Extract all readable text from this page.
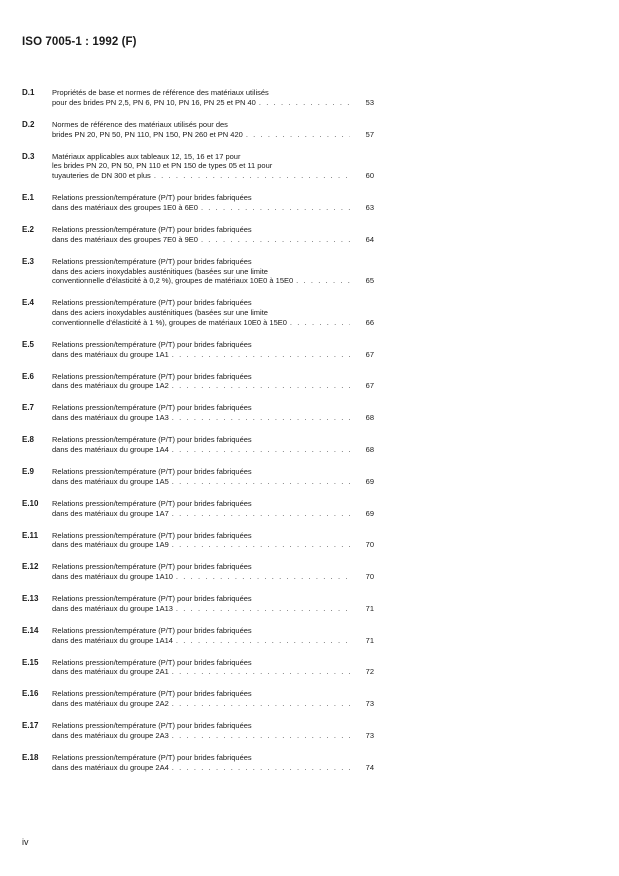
ISO 7005-1 : 1992 (F)
D.1 Propriétés de base et normes de référence des matériaux utilisés
pour des brides PN 2,5, PN 6, PN 10, PN 16, PN 25 et PN 40 . . .	53
D.2 Normes de référence des matériaux utilisés pour des
brides PN 20, PN 50, PN 110, PN 150, PN 260 et PN 420 . . .	57
D.3 Matériaux applicables aux tableaux 12, 15, 16 et 17 pour
les brides PN 20, PN 50, PN 110 et PN 150 de types 05 et 11 pour
tuyauteries de DN 300 et plus . . .	60
E.1 Relations pression/température (P/T) pour brides fabriquées
dans des matériaux des groupes 1E0 à 6E0 . . .	63
E.2 Relations pression/température (P/T) pour brides fabriquées
dans des matériaux des groupes 7E0 à 9E0 . . .	64
E.3 Relations pression/température (P/T) pour brides fabriquées
dans des aciers inoxydables austénitiques (basées sur une limite
conventionnelle d'élasticité à 0,2 %), groupes de matériaux 10E0 à 15E0 . . .	65
E.4 Relations pression/température (P/T) pour brides fabriquées
dans des aciers inoxydables austénitiques (basées sur une limite
conventionnelle d'élasticité à 1 %), groupes de matériaux 10E0 à 15E0 . . .	66
E.5 Relations pression/température (P/T) pour brides fabriquées
dans des matériaux du groupe 1A1 . . .	67
E.6 Relations pression/température (P/T) pour brides fabriquées
dans des matériaux du groupe 1A2 . . .	67
E.7 Relations pression/température (P/T) pour brides fabriquées
dans des matériaux du groupe 1A3 . . .	68
E.8 Relations pression/température (P/T) pour brides fabriquées
dans des matériaux du groupe 1A4 . . .	68
E.9 Relations pression/température (P/T) pour brides fabriquées
dans des matériaux du groupe 1A5 . . .	69
E.10 Relations pression/température (P/T) pour brides fabriquées
dans des matériaux du groupe 1A7 . . .	69
E.11 Relations pression/température (P/T) pour brides fabriquées
dans des matériaux du groupe 1A9 . . .	70
E.12 Relations pression/température (P/T) pour brides fabriquées
dans des matériaux du groupe 1A10 . . .	70
E.13 Relations pression/température (P/T) pour brides fabriquées
dans des matériaux du groupe 1A13 . . .	71
E.14 Relations pression/température (P/T) pour brides fabriquées
dans des matériaux du groupe 1A14 . . .	71
E.15 Relations pression/température (P/T) pour brides fabriquées
dans des matériaux du groupe 2A1 . . .	72
E.16 Relations pression/température (P/T) pour brides fabriquées
dans des matériaux du groupe 2A2 . . .	73
E.17 Relations pression/température (P/T) pour brides fabriquées
dans des matériaux du groupe 2A3 . . .	73
E.18 Relations pression/température (P/T) pour brides fabriquées
dans des matériaux du groupe 2A4 . . .	74
iv
